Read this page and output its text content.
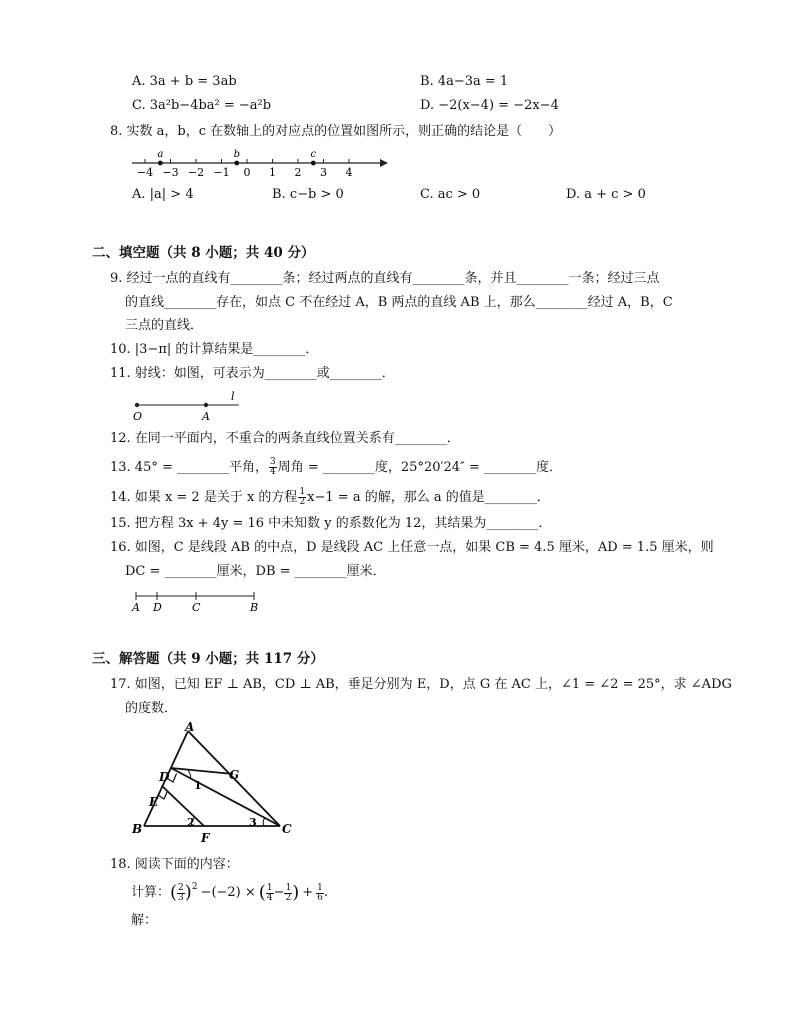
A. 3a + b = 3ab	B. 4a−3a = 1
C. 3a²b−4ba² = −a²b	D. −2(x−4) = −2x−4
8. 实数 a，b，c 在数轴上的对应点的位置如图所示，则正确的结论是（　　）
−4 −3 −2 −1 0 1 2 3 4
a	b	c
A. |a| > 4	B. c−b > 0	C. ac > 0	D. a + c > 0
二、填空题（共 8 小题；共 40 分）
9. 经过一点的直线有________条；经过两点的直线有________条，并且________一条；经过三点
的直线________存在，如点 C 不在经过 A，B 两点的直线 AB 上，那么________经过 A，B，C
三点的直线．
10. |3−π| 的计算结果是________．
11. 射线：如图，可表示为________或________．
O	A
l
12. 在同一平面内，不重合的两条直线位置关系有________．
13. 45° = ________平角， $\frac{3}{4}$ 周角 = ________度，25°20′24″ = ________度．
14. 如果 x = 2 是关于 x 的方程 $\frac{1}{2} x-1 = a$ 的解，那么 a 的值是________．
15. 把方程 3x + 4y = 16 中未知数 y 的系数化为 12，其结果为________．
16. 如图，C 是线段 AB 的中点，D 是线段 AC 上任意一点，如果 CB = 4.5 厘米，AD = 1.5 厘米，则
DC = ________厘米，DB = ________厘米．
A D	C	B
三、解答题（共 9 小题；共 117 分）
17. 如图，已知 EF ⊥ AB，CD ⊥ AB，垂足分别为 E，D，点 G 在 AC 上，∠1 = ∠2 = 25°，求 ∠ADG
的度数．
A
B	C
D
E
F
G
1
2	3
18. 阅读下面的内容：
计算： ( $\frac{2}{3}$ ) 2 −(−2) × ( $\frac{1}{4} - \frac{1}{2}$ ) + $\frac{1}{6}$ .
解：
